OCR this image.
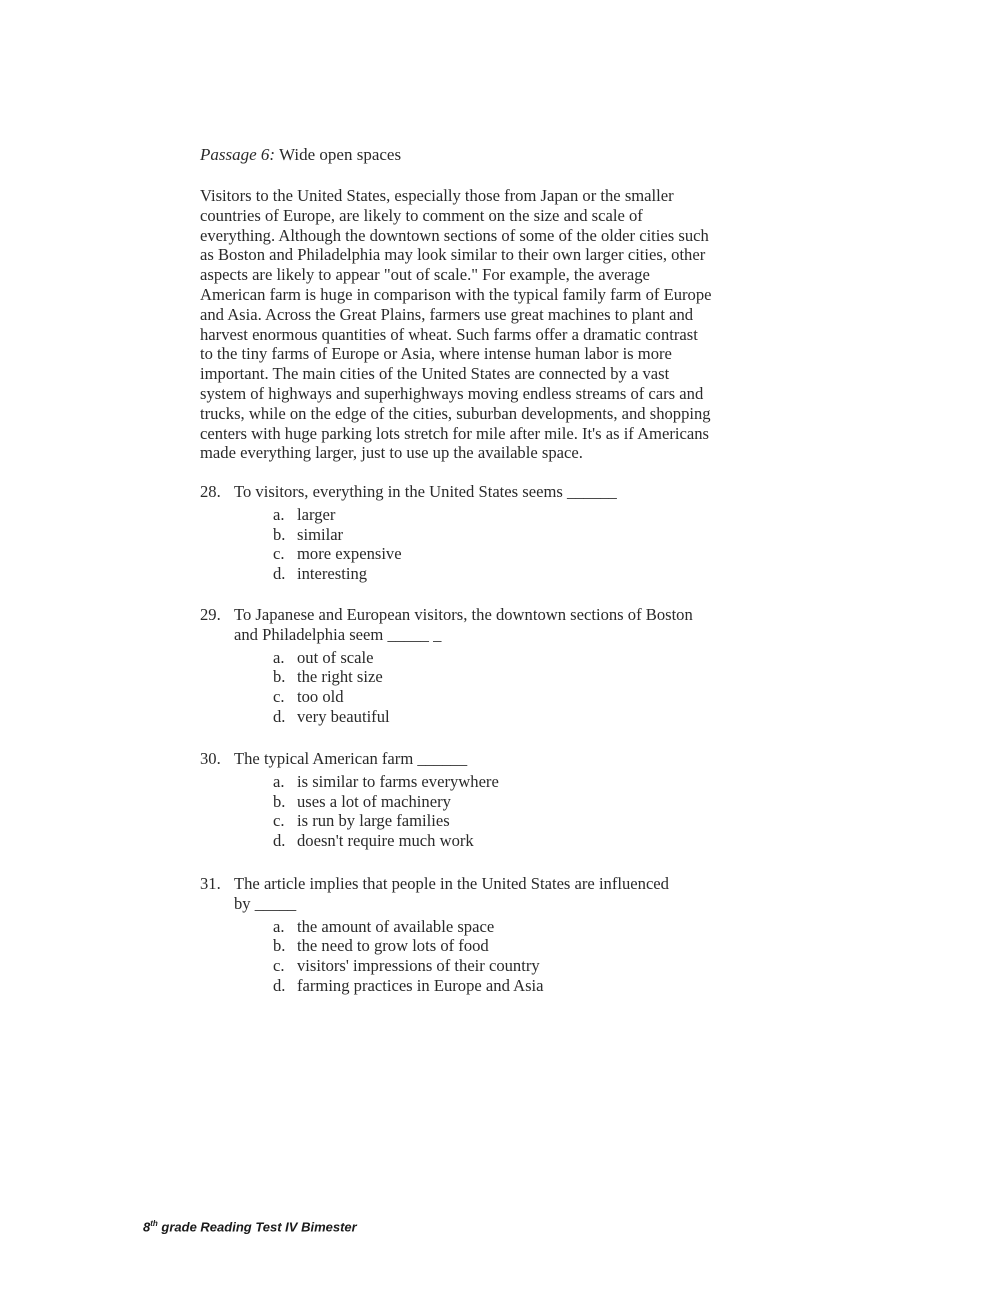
Passage 6: Wide open spaces
Visitors to the United States, especially those from Japan or the smaller
countries of Europe, are likely to comment on the size and scale of
everything. Although the downtown sections of some of the older cities such
as Boston and Philadelphia may look similar to their own larger cities, other
aspects are likely to appear "out of scale." For example, the average
American farm is huge in comparison with the typical family farm of Europe
and Asia. Across the Great Plains, farmers use great machines to plant and
harvest enormous quantities of wheat. Such farms offer a dramatic contrast
to the tiny farms of Europe or Asia, where intense human labor is more
important. The main cities of the United States are connected by a vast
system of highways and superhighways moving endless streams of cars and
trucks, while on the edge of the cities, suburban developments, and shopping
centers with huge parking lots stretch for mile after mile. It's as if Americans
made everything larger, just to use up the available space.
28. To visitors, everything in the United States seems ______
a. larger
b. similar
c. more expensive
d. interesting
29. To Japanese and European visitors, the downtown sections of Boston
and Philadelphia seem _____ _
a. out of scale
b. the right size
c. too old
d. very beautiful
30. The typical American farm ______
a. is similar to farms everywhere
b. uses a lot of machinery
c. is run by large families
d. doesn't require much work
31. The article implies that people in the United States are influenced
by _____
a. the amount of available space
b. the need to grow lots of food
c. visitors' impressions of their country
d. farming practices in Europe and Asia
8th grade Reading Test IV Bimester
